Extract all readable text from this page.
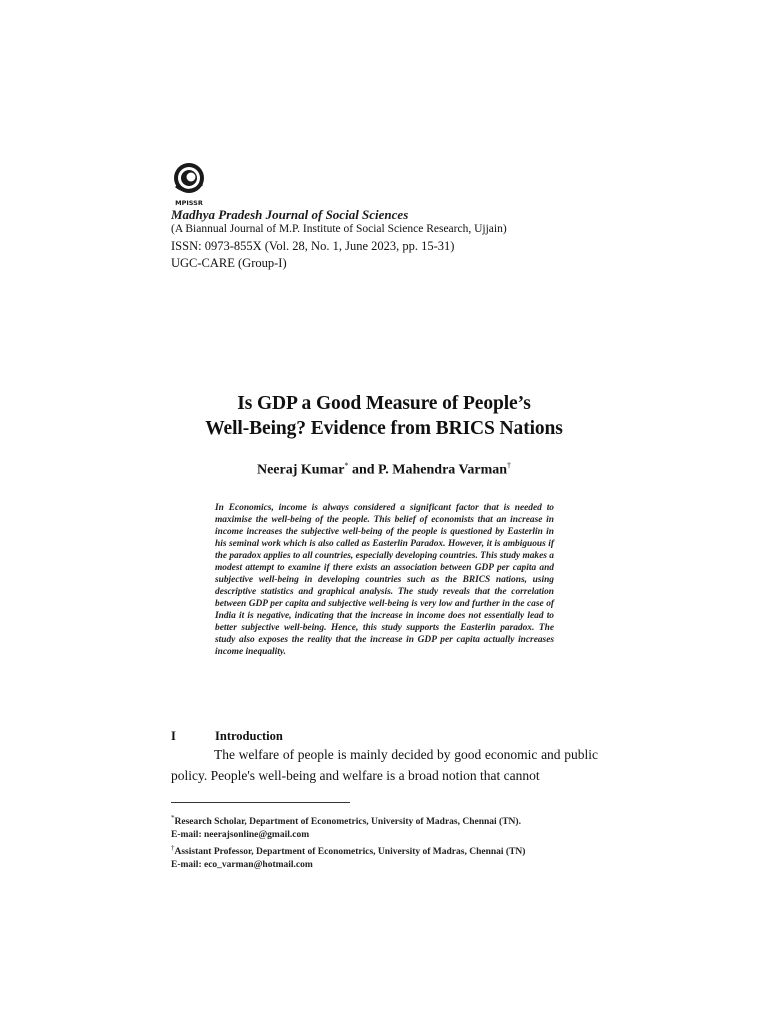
MPISSR
Madhya Pradesh Journal of Social Sciences
(A Biannual Journal of M.P. Institute of Social Science Research, Ujjain)
ISSN: 0973-855X (Vol. 28, No. 1, June 2023, pp. 15-31)
UGC-CARE (Group-I)
Is GDP a Good Measure of People’s
Well-Being? Evidence from BRICS Nations
Neeraj Kumar* and P. Mahendra Varman†

In Economics, income is always considered a significant factor that is needed to maximise the well-being of the people. This belief of economists that an increase in income increases the subjective well-being of the people is questioned by Easterlin in his seminal work which is also called as Easterlin Paradox. However, it is ambiguous if the paradox applies to all countries, especially developing countries. This study makes a modest attempt to examine if there exists an association between GDP per capita and subjective well-being in developing countries such as the BRICS nations, using descriptive statistics and graphical analysis. The study reveals that the correlation between GDP per capita and subjective well-being is very low and further in the case of India it is negative, indicating that the increase in income does not essentially lead to better subjective well-being. Hence, this study supports the Easterlin paradox. The study also exposes the reality that the increase in GDP per capita actually increases income inequality.

I	Introduction

The welfare of people is mainly decided by good economic and public policy. People's well-being and welfare is a broad notion that cannot

*Research Scholar, Department of Econometrics, University of Madras, Chennai (TN).
E-mail: neerajsonline@gmail.com
†Assistant Professor, Department of Econometrics, University of Madras, Chennai (TN)
E-mail: eco_varman@hotmail.com
